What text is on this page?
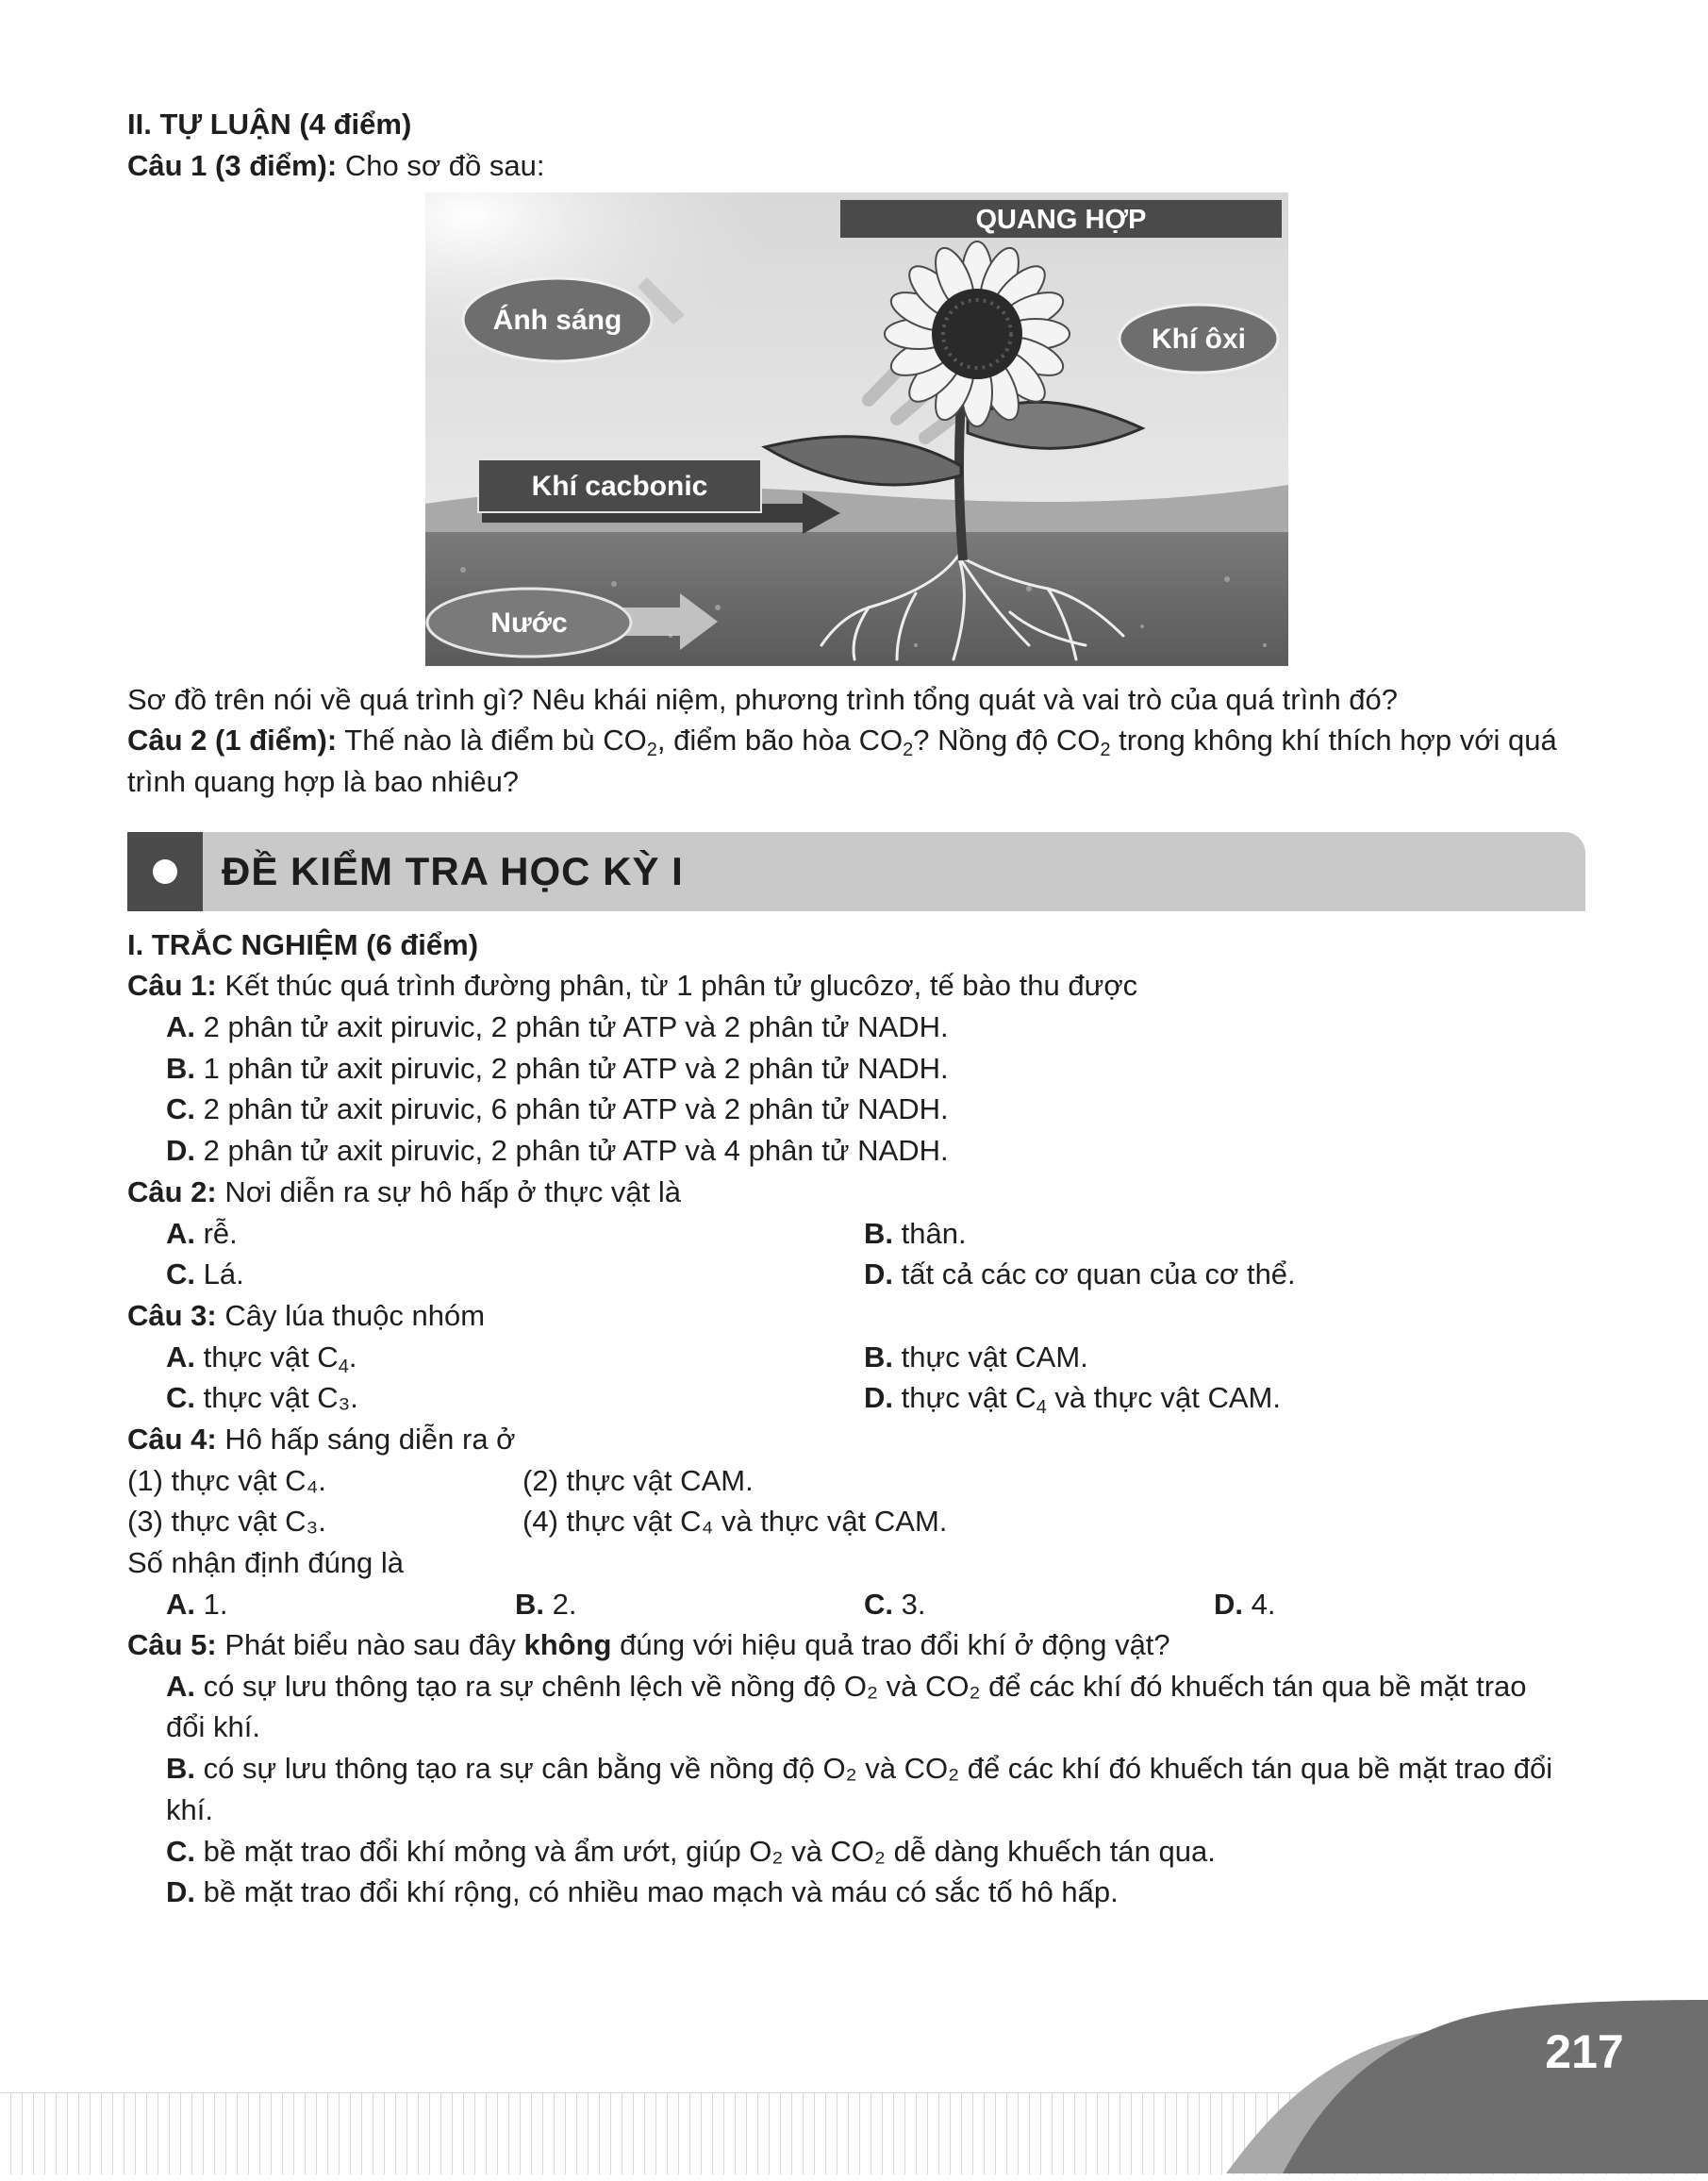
II. TỰ LUẬN (4 điểm)
Câu 1 (3 điểm): Cho sơ đồ sau:
QUANG HỢP
Ánh sáng
Khí ôxi
Khí cacbonic
Nước
Sơ đồ trên nói về quá trình gì? Nêu khái niệm, phương trình tổng quát và vai trò của quá trình đó?
Câu 2 (1 điểm): Thế nào là điểm bù $CO_2$, điểm bão hòa $CO_2$? Nồng độ $CO_2$ trong không khí thích hợp với quá
trình quang hợp là bao nhiêu?
ĐỀ KIỂM TRA HỌC KỲ I
I. TRẮC NGHIỆM (6 điểm)
Câu 1: Kết thúc quá trình đường phân, từ 1 phân tử glucôzơ, tế bào thu được
A. 2 phân tử axit piruvic, 2 phân tử ATP và 2 phân tử NADH.
B. 1 phân tử axit piruvic, 2 phân tử ATP và 2 phân tử NADH.
C. 2 phân tử axit piruvic, 6 phân tử ATP và 2 phân tử NADH.
D. 2 phân tử axit piruvic, 2 phân tử ATP và 4 phân tử NADH.
Câu 2: Nơi diễn ra sự hô hấp ở thực vật là
A. rễ.	B. thân.
C. Lá.	D. tất cả các cơ quan của cơ thể.
Câu 3: Cây lúa thuộc nhóm
A. thực vật $C_4$.	B. thực vật CAM.
C. thực vật C₃.	D. thực vật $C_4$ và thực vật CAM.
Câu 4: Hô hấp sáng diễn ra ở
(1) thực vật C₄.	(2) thực vật CAM.
(3) thực vật C₃.	(4) thực vật C₄ và thực vật CAM.
Số nhận định đúng là
A. 1.	B. 2.	C. 3.	D. 4.
Câu 5: Phát biểu nào sau đây không đúng với hiệu quả trao đổi khí ở động vật?
A. có sự lưu thông tạo ra sự chênh lệch về nồng độ O₂ và CO₂ để các khí đó khuếch tán qua bề mặt trao
đổi khí.
B. có sự lưu thông tạo ra sự cân bằng về nồng độ O₂ và CO₂ để các khí đó khuếch tán qua bề mặt trao đổi
khí.
C. bề mặt trao đổi khí mỏng và ẩm ướt, giúp O₂ và CO₂ dễ dàng khuếch tán qua.
D. bề mặt trao đổi khí rộng, có nhiều mao mạch và máu có sắc tố hô hấp.
217
